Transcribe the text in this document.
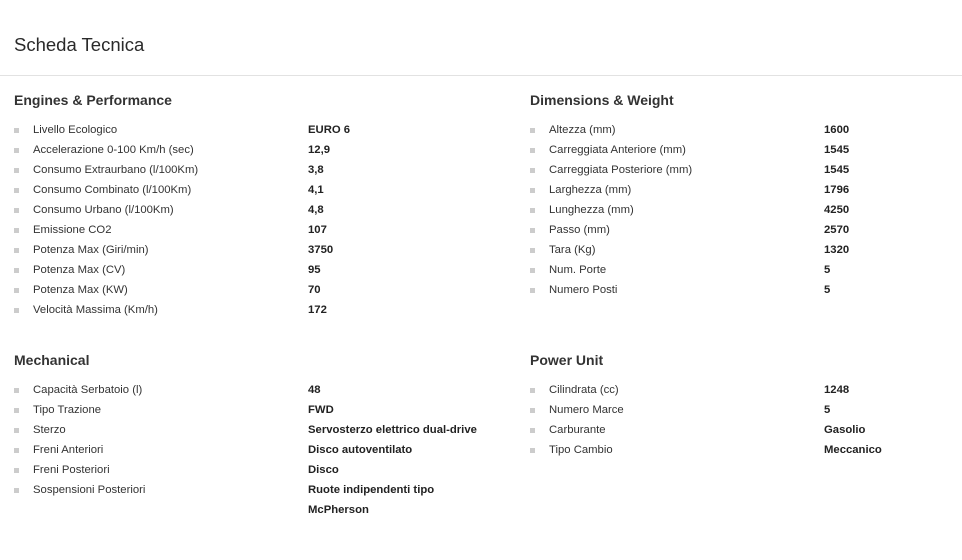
Scheda Tecnica
Engines & Performance
Livello Ecologico	EURO 6
Accelerazione 0-100 Km/h (sec)	12,9
Consumo Extraurbano (l/100Km)	3,8
Consumo Combinato (l/100Km)	4,1
Consumo Urbano (l/100Km)	4,8
Emissione CO2	107
Potenza Max (Giri/min)	3750
Potenza Max (CV)	95
Potenza Max (KW)	70
Velocità Massima (Km/h)	172
Dimensions & Weight
Altezza (mm)	1600
Carreggiata Anteriore (mm)	1545
Carreggiata Posteriore (mm)	1545
Larghezza (mm)	1796
Lunghezza (mm)	4250
Passo (mm)	2570
Tara (Kg)	1320
Num. Porte	5
Numero Posti	5
Mechanical
Capacità Serbatoio (l)	48
Tipo Trazione	FWD
Sterzo	Servosterzo elettrico dual-drive
Freni Anteriori	Disco autoventilato
Freni Posteriori	Disco
Sospensioni Posteriori	Ruote indipendenti tipo McPherson
Power Unit
Cilindrata (cc)	1248
Numero Marce	5
Carburante	Gasolio
Tipo Cambio	Meccanico
